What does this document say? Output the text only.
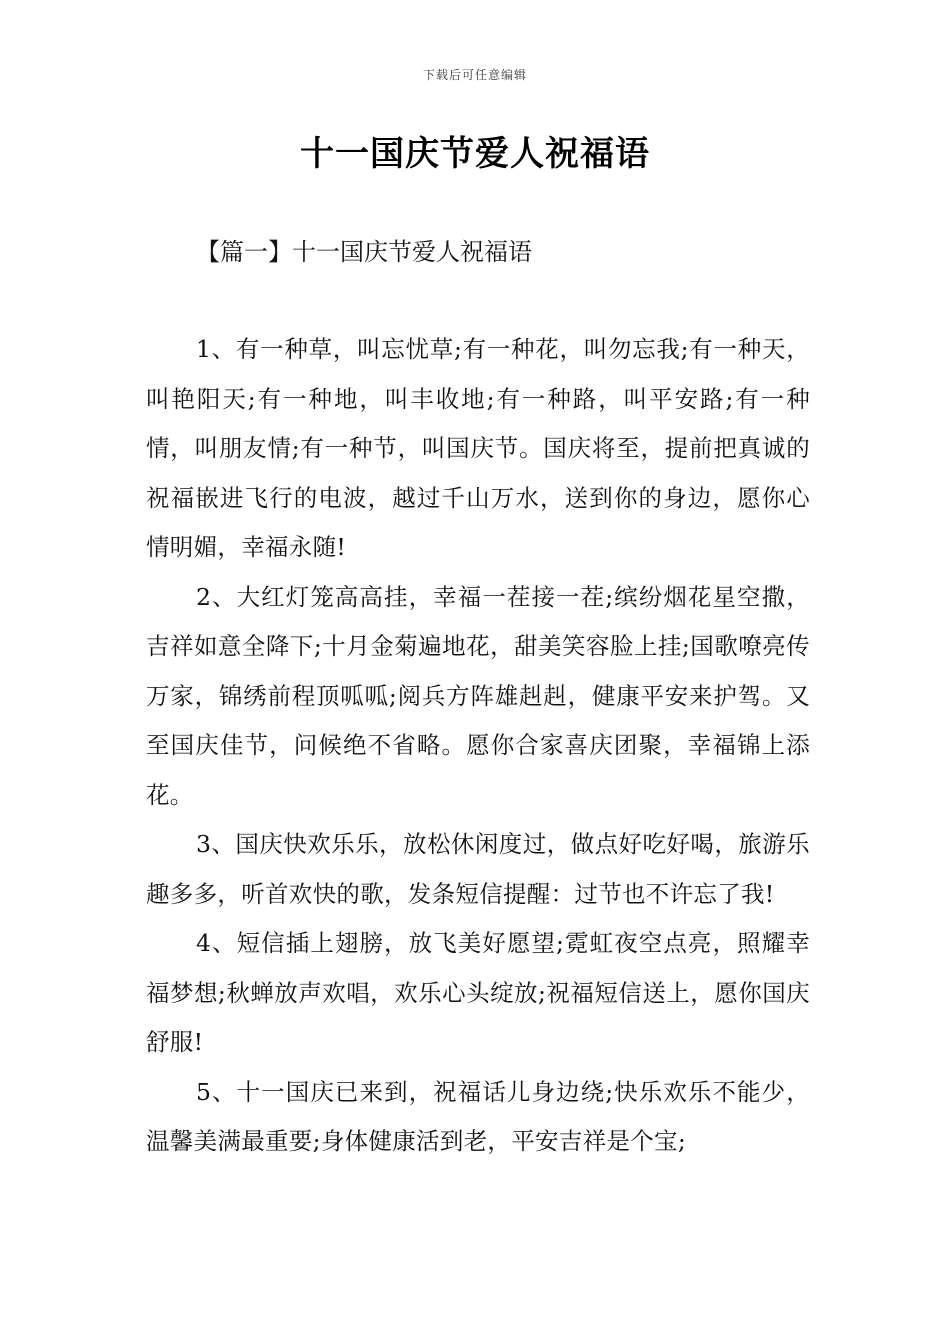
下载后可任意编辑
十一国庆节爱人祝福语
【篇一】十一国庆节爱人祝福语

1、有一种草，叫忘忧草;有一种花，叫勿忘我;有一种天，叫艳阳天;有一种地，叫丰收地;有一种路，叫平安路;有一种情，叫朋友情;有一种节，叫国庆节。国庆将至，提前把真诚的祝福嵌进飞行的电波，越过千山万水，送到你的身边，愿你心情明媚，幸福永随!

2、大红灯笼高高挂，幸福一茬接一茬;缤纷烟花星空撒，吉祥如意全降下;十月金菊遍地花，甜美笑容脸上挂;国歌嘹亮传万家，锦绣前程顶呱呱;阅兵方阵雄赳赳，健康平安来护驾。又至国庆佳节，问候绝不省略。愿你合家喜庆团聚，幸福锦上添花。

3、国庆快欢乐乐，放松休闲度过，做点好吃好喝，旅游乐趣多多，听首欢快的歌，发条短信提醒：过节也不许忘了我!

4、短信插上翅膀，放飞美好愿望;霓虹夜空点亮，照耀幸福梦想;秋蝉放声欢唱，欢乐心头绽放;祝福短信送上，愿你国庆舒服!

5、十一国庆已来到，祝福话儿身边绕;快乐欢乐不能少，温馨美满最重要;身体健康活到老，平安吉祥是个宝;
